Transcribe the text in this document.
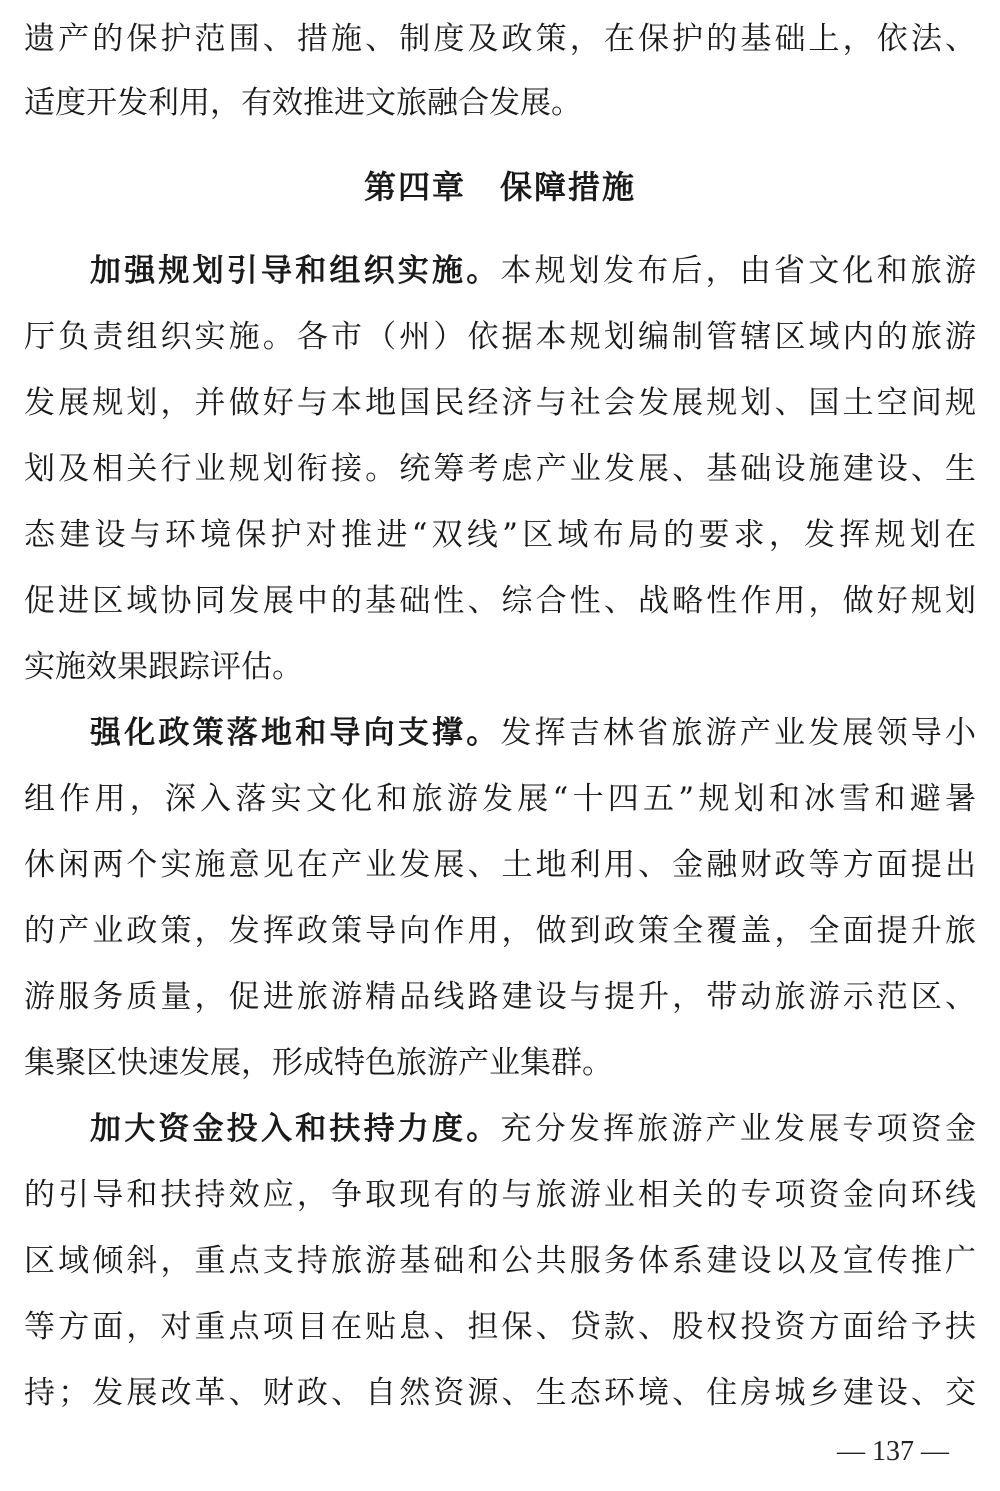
遗产的保护范围、措施、制度及政策，在保护的基础上，依法、
适度开发利用，有效推进文旅融合发展。
第四章　保障措施
加强规划引导和组织实施。本规划发布后，由省文化和旅游
厅负责组织实施。各市（州）依据本规划编制管辖区域内的旅游
发展规划，并做好与本地国民经济与社会发展规划、国土空间规
划及相关行业规划衔接。统筹考虑产业发展、基础设施建设、生
态建设与环境保护对推进“双线”区域布局的要求，发挥规划在
促进区域协同发展中的基础性、综合性、战略性作用，做好规划
实施效果跟踪评估。
强化政策落地和导向支撑。发挥吉林省旅游产业发展领导小
组作用，深入落实文化和旅游发展“十四五”规划和冰雪和避暑
休闲两个实施意见在产业发展、土地利用、金融财政等方面提出
的产业政策，发挥政策导向作用，做到政策全覆盖，全面提升旅
游服务质量，促进旅游精品线路建设与提升，带动旅游示范区、
集聚区快速发展，形成特色旅游产业集群。
加大资金投入和扶持力度。充分发挥旅游产业发展专项资金
的引导和扶持效应，争取现有的与旅游业相关的专项资金向环线
区域倾斜，重点支持旅游基础和公共服务体系建设以及宣传推广
等方面，对重点项目在贴息、担保、贷款、股权投资方面给予扶
持；发展改革、财政、自然资源、生态环境、住房城乡建设、交
— 137 —
